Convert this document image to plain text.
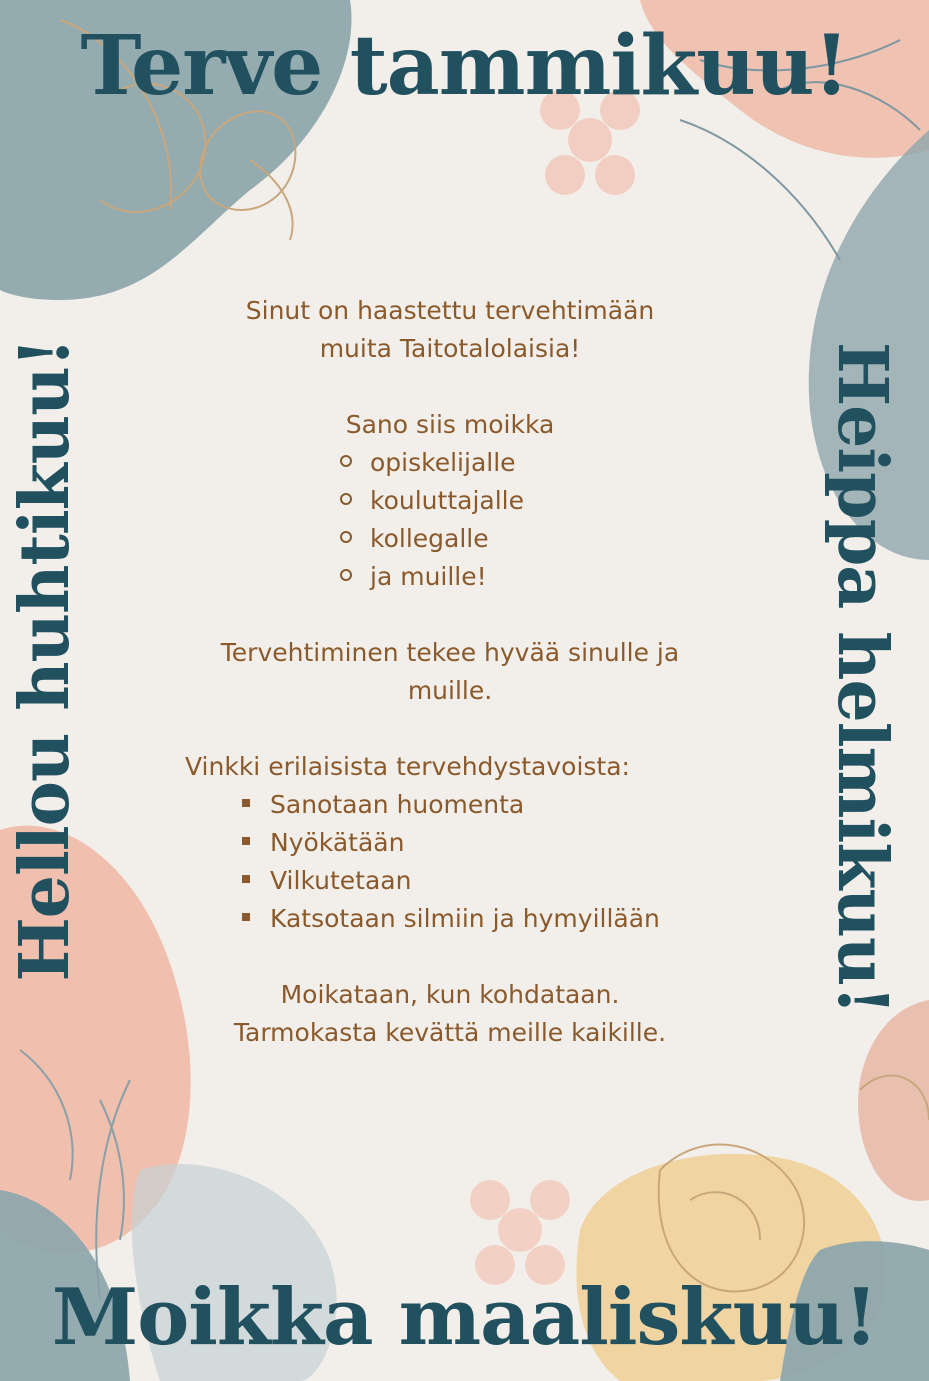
Terve tammikuu!
Moikka maaliskuu!
Hellou huhtikuu!	Heippa helmikuu!

Sinut on haastettu tervehtimään

muita Taitotalolaisia!

Sano siis moikka

opiskelijalle
kouluttajalle
kollegalle
ja muille!

Tervehtiminen tekee hyvää sinulle ja

muille.

Vinkki erilaisista tervehdystavoista:

Sanotaan huomenta
Nyökätään
Vilkutetaan
Katsotaan silmiin ja hymyillään

Moikataan, kun kohdataan.

Tarmokasta kevättä meille kaikille.
